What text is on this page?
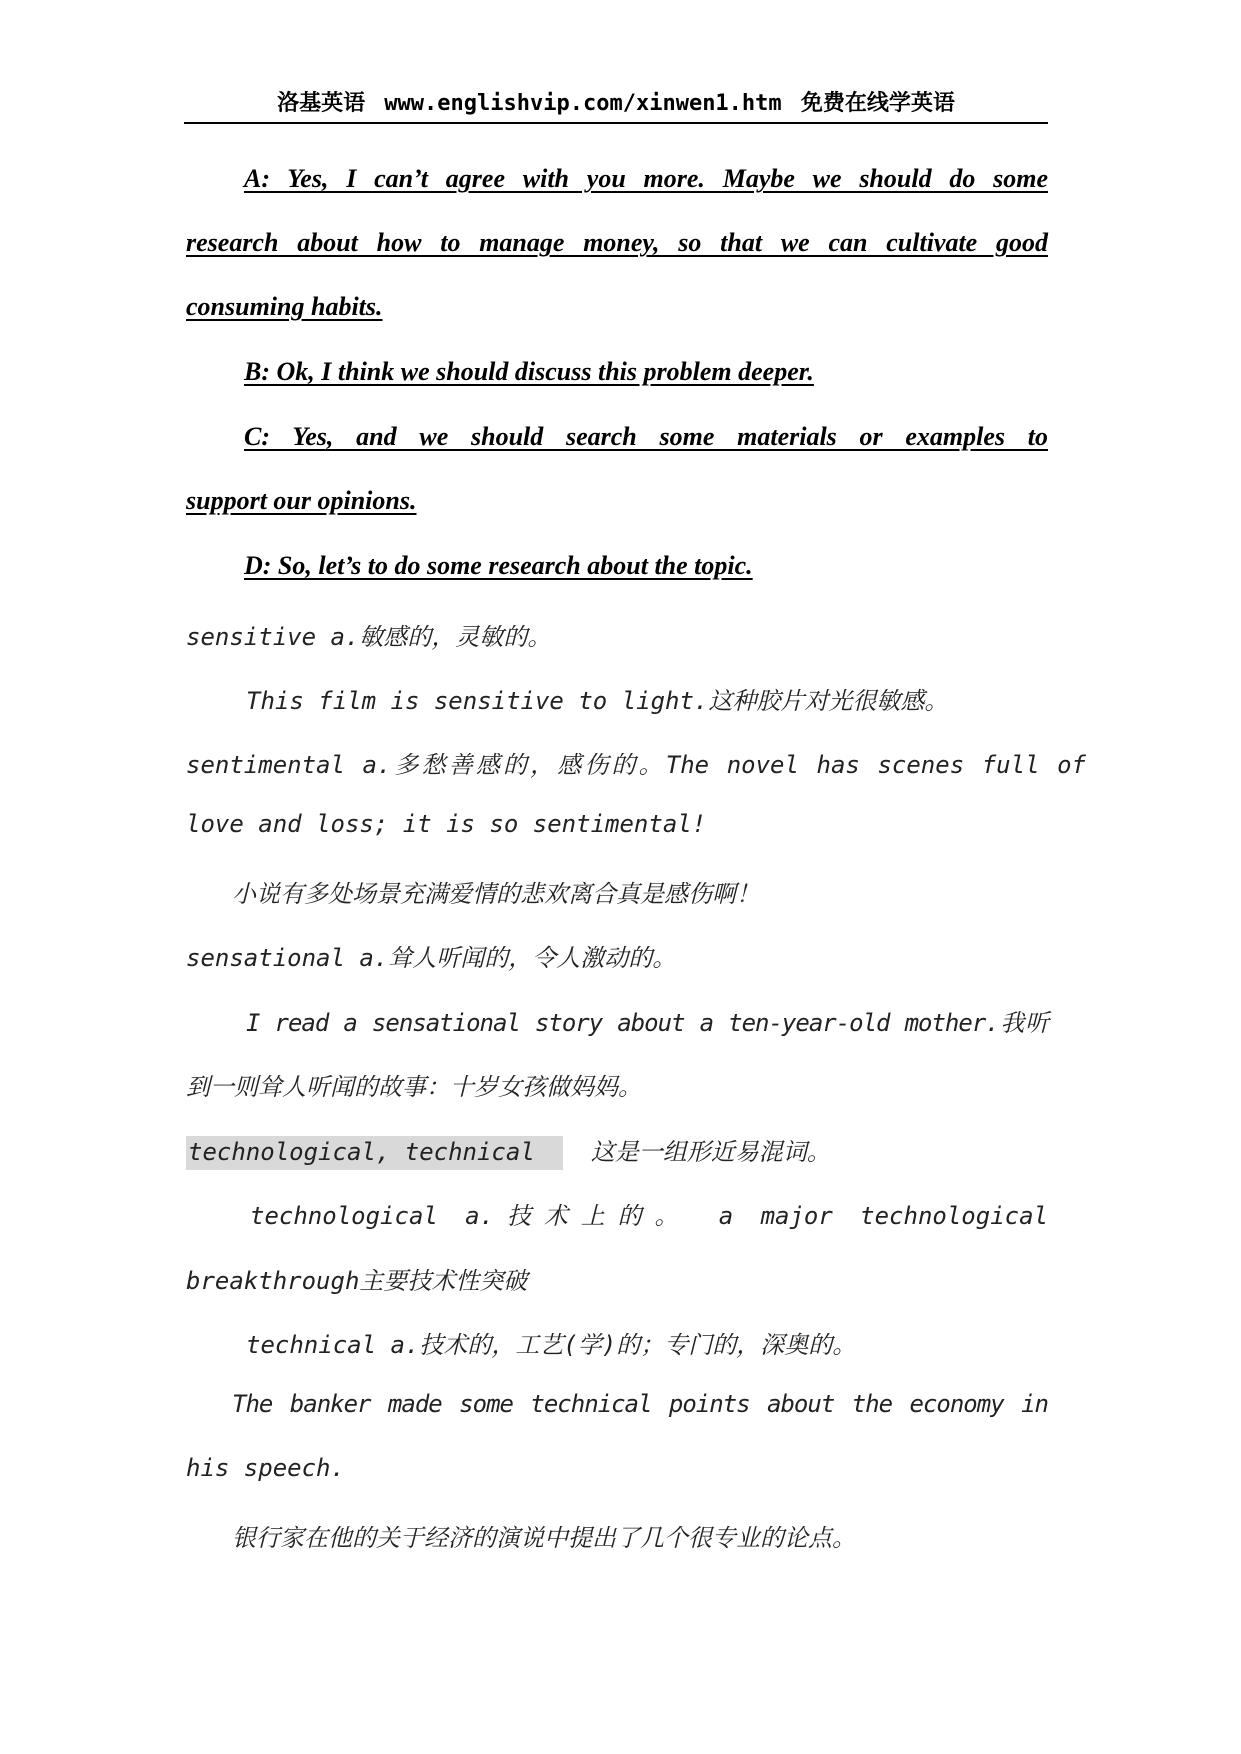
洛基英语 www.englishvip.com/xinwen1.htm 免费在线学英语
A: Yes, I can’t agree with you more. Maybe we should do some
research about how to manage money, so that we can cultivate good
consuming habits.
B: Ok, I think we should discuss this problem deeper.
C: Yes, and we should search some materials or examples to
support our opinions.
D: So, let’s to do some research about the topic.
sensitive a.敏感的，灵敏的。
This film is sensitive to light.这种胶片对光很敏感。
sentimental a.多愁善感的，感伤的。The novel has scenes full of
love and loss; it is so sentimental!
小说有多处场景充满爱情的悲欢离合真是感伤啊！
sensational a.耸人听闻的，令人激动的。
I read a sensational story about a ten-year-old mother.我听
到一则耸人听闻的故事：十岁女孩做妈妈。
technological, technical 这是一组形近易混词。
technological a.技术上的。 a major technological
breakthrough主要技术性突破
technical a.技术的，工艺(学)的；专门的，深奥的。
The banker made some technical points about the economy in
his speech.
银行家在他的关于经济的演说中提出了几个很专业的论点。
